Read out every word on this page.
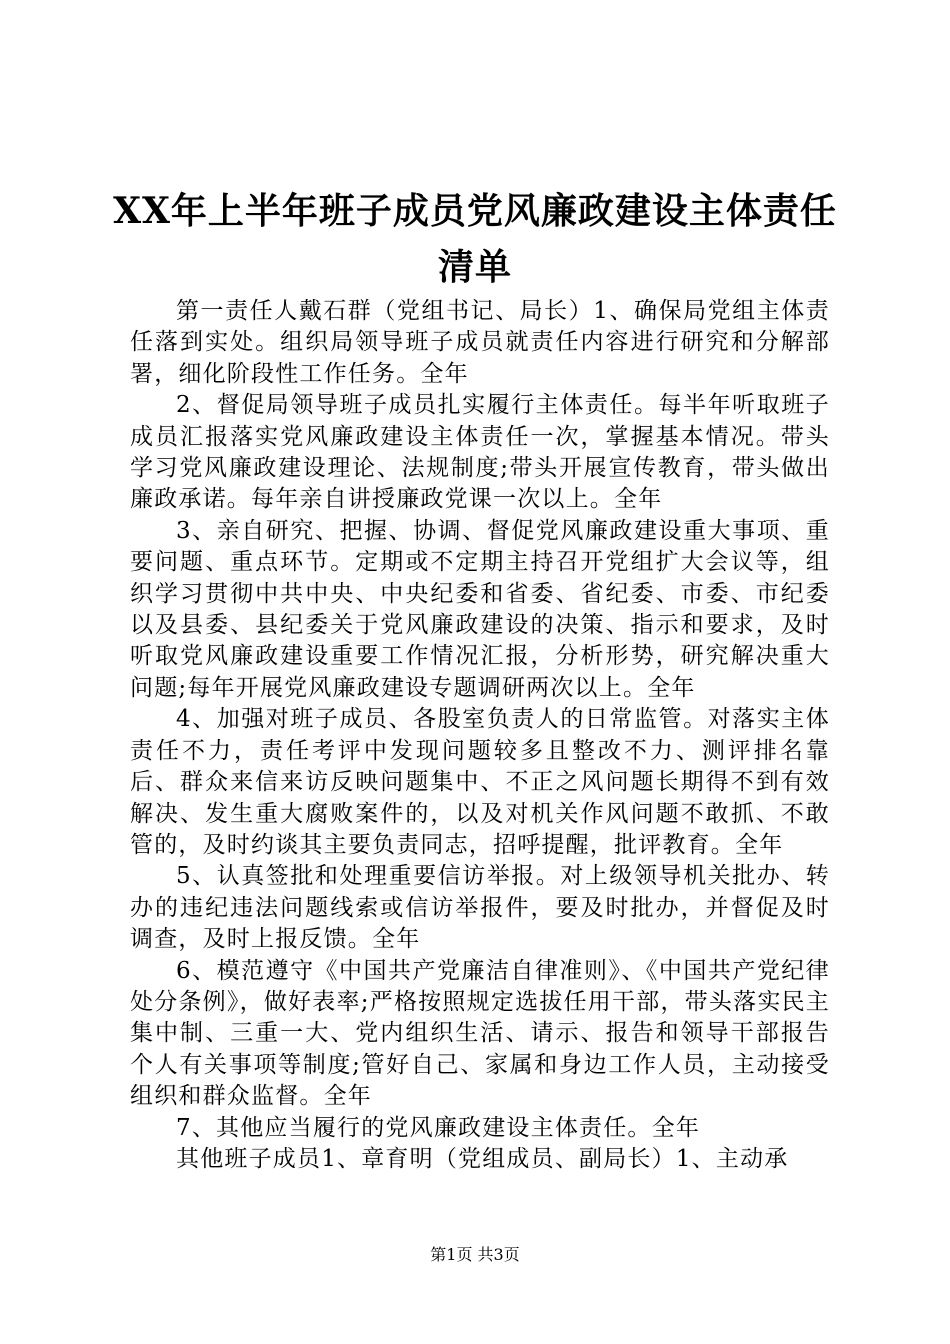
XX年上半年班子成员党风廉政建设主体责任
清单

第一责任人戴石群（党组书记、局长）1、确保局党组主体责任落到实处。组织局领导班子成员就责任内容进行研究和分解部署，细化阶段性工作任务。全年

2、督促局领导班子成员扎实履行主体责任。每半年听取班子成员汇报落实党风廉政建设主体责任一次，掌握基本情况。带头学习党风廉政建设理论、法规制度;带头开展宣传教育，带头做出廉政承诺。每年亲自讲授廉政党课一次以上。全年

3、亲自研究、把握、协调、督促党风廉政建设重大事项、重要问题、重点环节。定期或不定期主持召开党组扩大会议等，组织学习贯彻中共中央、中央纪委和省委、省纪委、市委、市纪委以及县委、县纪委关于党风廉政建设的决策、指示和要求，及时听取党风廉政建设重要工作情况汇报，分析形势，研究解决重大问题;每年开展党风廉政建设专题调研两次以上。全年

4、加强对班子成员、各股室负责人的日常监管。对落实主体责任不力，责任考评中发现问题较多且整改不力、测评排名靠后、群众来信来访反映问题集中、不正之风问题长期得不到有效解决、发生重大腐败案件的，以及对机关作风问题不敢抓、不敢管的，及时约谈其主要负责同志，招呼提醒，批评教育。全年

5、认真签批和处理重要信访举报。对上级领导机关批办、转办的违纪违法问题线索或信访举报件，要及时批办，并督促及时调查，及时上报反馈。全年

6、模范遵守《中国共产党廉洁自律准则》、《中国共产党纪律处分条例》，做好表率;严格按照规定选拔任用干部，带头落实民主集中制、三重一大、党内组织生活、请示、报告和领导干部报告个人有关事项等制度;管好自己、家属和身边工作人员，主动接受组织和群众监督。全年

7、其他应当履行的党风廉政建设主体责任。全年

其他班子成员1、章育明（党组成员、副局长）1、主动承

第1页 共3页
